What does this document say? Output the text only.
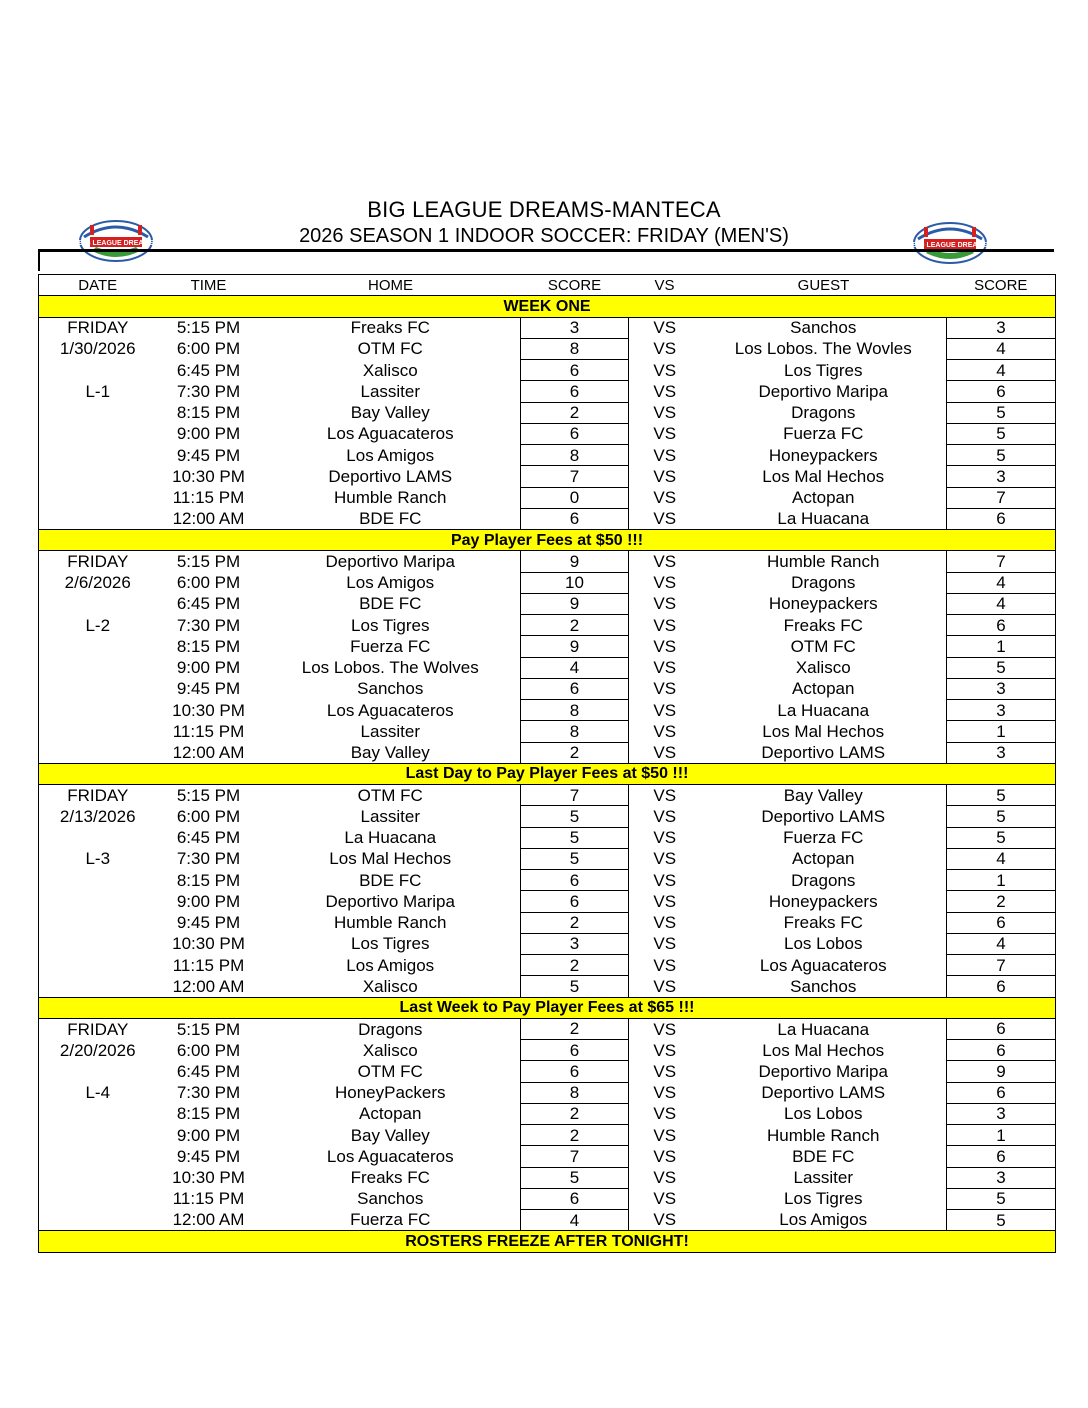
BIG LEAGUE DREAMS-MANTECA
2026 SEASON 1 INDOOR SOCCER: FRIDAY (MEN'S)
BIG LEAGUE DREAMS	BIG LEAGUE DREAMS
DATE	TIME	HOME	SCORE	VS	GUEST	SCORE
WEEK ONE						
FRIDAY	5:15 PM	Freaks FC	3	VS	Sanchos	3
1/30/2026	6:00 PM	OTM FC	8	VS	Los Lobos. The Wovles	4
	6:45 PM	Xalisco	6	VS	Los Tigres	4
L-1	7:30 PM	Lassiter	6	VS	Deportivo Maripa	6
	8:15 PM	Bay Valley	2	VS	Dragons	5
	9:00 PM	Los Aguacateros	6	VS	Fuerza FC	5
	9:45 PM	Los Amigos	8	VS	Honeypackers	5
	10:30 PM	Deportivo LAMS	7	VS	Los Mal Hechos	3
	11:15 PM	Humble Ranch	0	VS	Actopan	7
	12:00 AM	BDE FC	6	VS	La Huacana	6
Pay Player Fees at $50 !!!						
FRIDAY	5:15 PM	Deportivo Maripa	9	VS	Humble Ranch	7
2/6/2026	6:00 PM	Los Amigos	10	VS	Dragons	4
	6:45 PM	BDE FC	9	VS	Honeypackers	4
L-2	7:30 PM	Los Tigres	2	VS	Freaks FC	6
	8:15 PM	Fuerza FC	9	VS	OTM FC	1
	9:00 PM	Los Lobos. The Wolves	4	VS	Xalisco	5
	9:45 PM	Sanchos	6	VS	Actopan	3
	10:30 PM	Los Aguacateros	8	VS	La Huacana	3
	11:15 PM	Lassiter	8	VS	Los Mal Hechos	1
	12:00 AM	Bay Valley	2	VS	Deportivo LAMS	3
Last Day to Pay Player Fees at $50 !!!						
FRIDAY	5:15 PM	OTM FC	7	VS	Bay Valley	5
2/13/2026	6:00 PM	Lassiter	5	VS	Deportivo LAMS	5
	6:45 PM	La Huacana	5	VS	Fuerza FC	5
L-3	7:30 PM	Los Mal Hechos	5	VS	Actopan	4
	8:15 PM	BDE FC	6	VS	Dragons	1
	9:00 PM	Deportivo Maripa	6	VS	Honeypackers	2
	9:45 PM	Humble Ranch	2	VS	Freaks FC	6
	10:30 PM	Los Tigres	3	VS	Los Lobos	4
	11:15 PM	Los Amigos	2	VS	Los Aguacateros	7
	12:00 AM	Xalisco	5	VS	Sanchos	6
Last Week to Pay Player Fees at $65 !!!						
FRIDAY	5:15 PM	Dragons	2	VS	La Huacana	6
2/20/2026	6:00 PM	Xalisco	6	VS	Los Mal Hechos	6
	6:45 PM	OTM FC	6	VS	Deportivo Maripa	9
L-4	7:30 PM	HoneyPackers	8	VS	Deportivo LAMS	6
	8:15 PM	Actopan	2	VS	Los Lobos	3
	9:00 PM	Bay Valley	2	VS	Humble Ranch	1
	9:45 PM	Los Aguacateros	7	VS	BDE FC	6
	10:30 PM	Freaks FC	5	VS	Lassiter	3
	11:15 PM	Sanchos	6	VS	Los Tigres	5
	12:00 AM	Fuerza FC	4	VS	Los Amigos	5
ROSTERS FREEZE AFTER TONIGHT!						
